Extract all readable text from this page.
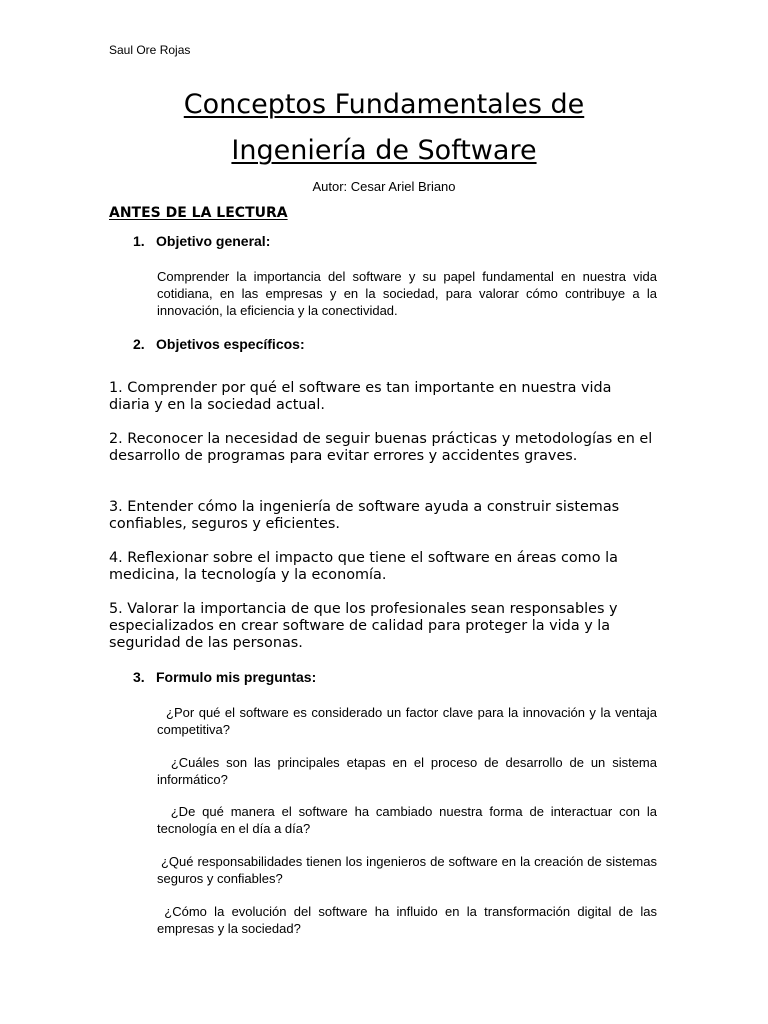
Saul Ore Rojas
Conceptos Fundamentales de
Ingeniería de Software
Autor: Cesar Ariel Briano
ANTES DE LA LECTURA
1. Objetivo general:
Comprender la importancia del software y su papel fundamental en nuestra vida cotidiana, en las empresas y en la sociedad, para valorar cómo contribuye a la innovación, la eficiencia y la conectividad.
2. Objetivos específicos:
1. Comprender por qué el software es tan importante en nuestra vida diaria y en la sociedad actual.
2. Reconocer la necesidad de seguir buenas prácticas y metodologías en el desarrollo de programas para evitar errores y accidentes graves.
3. Entender cómo la ingeniería de software ayuda a construir sistemas confiables, seguros y eficientes.
4. Reflexionar sobre el impacto que tiene el software en áreas como la medicina, la tecnología y la economía.
5. Valorar la importancia de que los profesionales sean responsables y especializados en crear software de calidad para proteger la vida y la seguridad de las personas.
3. Formulo mis preguntas:
¿Por qué el software es considerado un factor clave para la innovación y la ventaja competitiva?
¿Cuáles son las principales etapas en el proceso de desarrollo de un sistema informático?
¿De qué manera el software ha cambiado nuestra forma de interactuar con la tecnología en el día a día?
¿Qué responsabilidades tienen los ingenieros de software en la creación de sistemas seguros y confiables?
¿Cómo la evolución del software ha influido en la transformación digital de las empresas y la sociedad?
